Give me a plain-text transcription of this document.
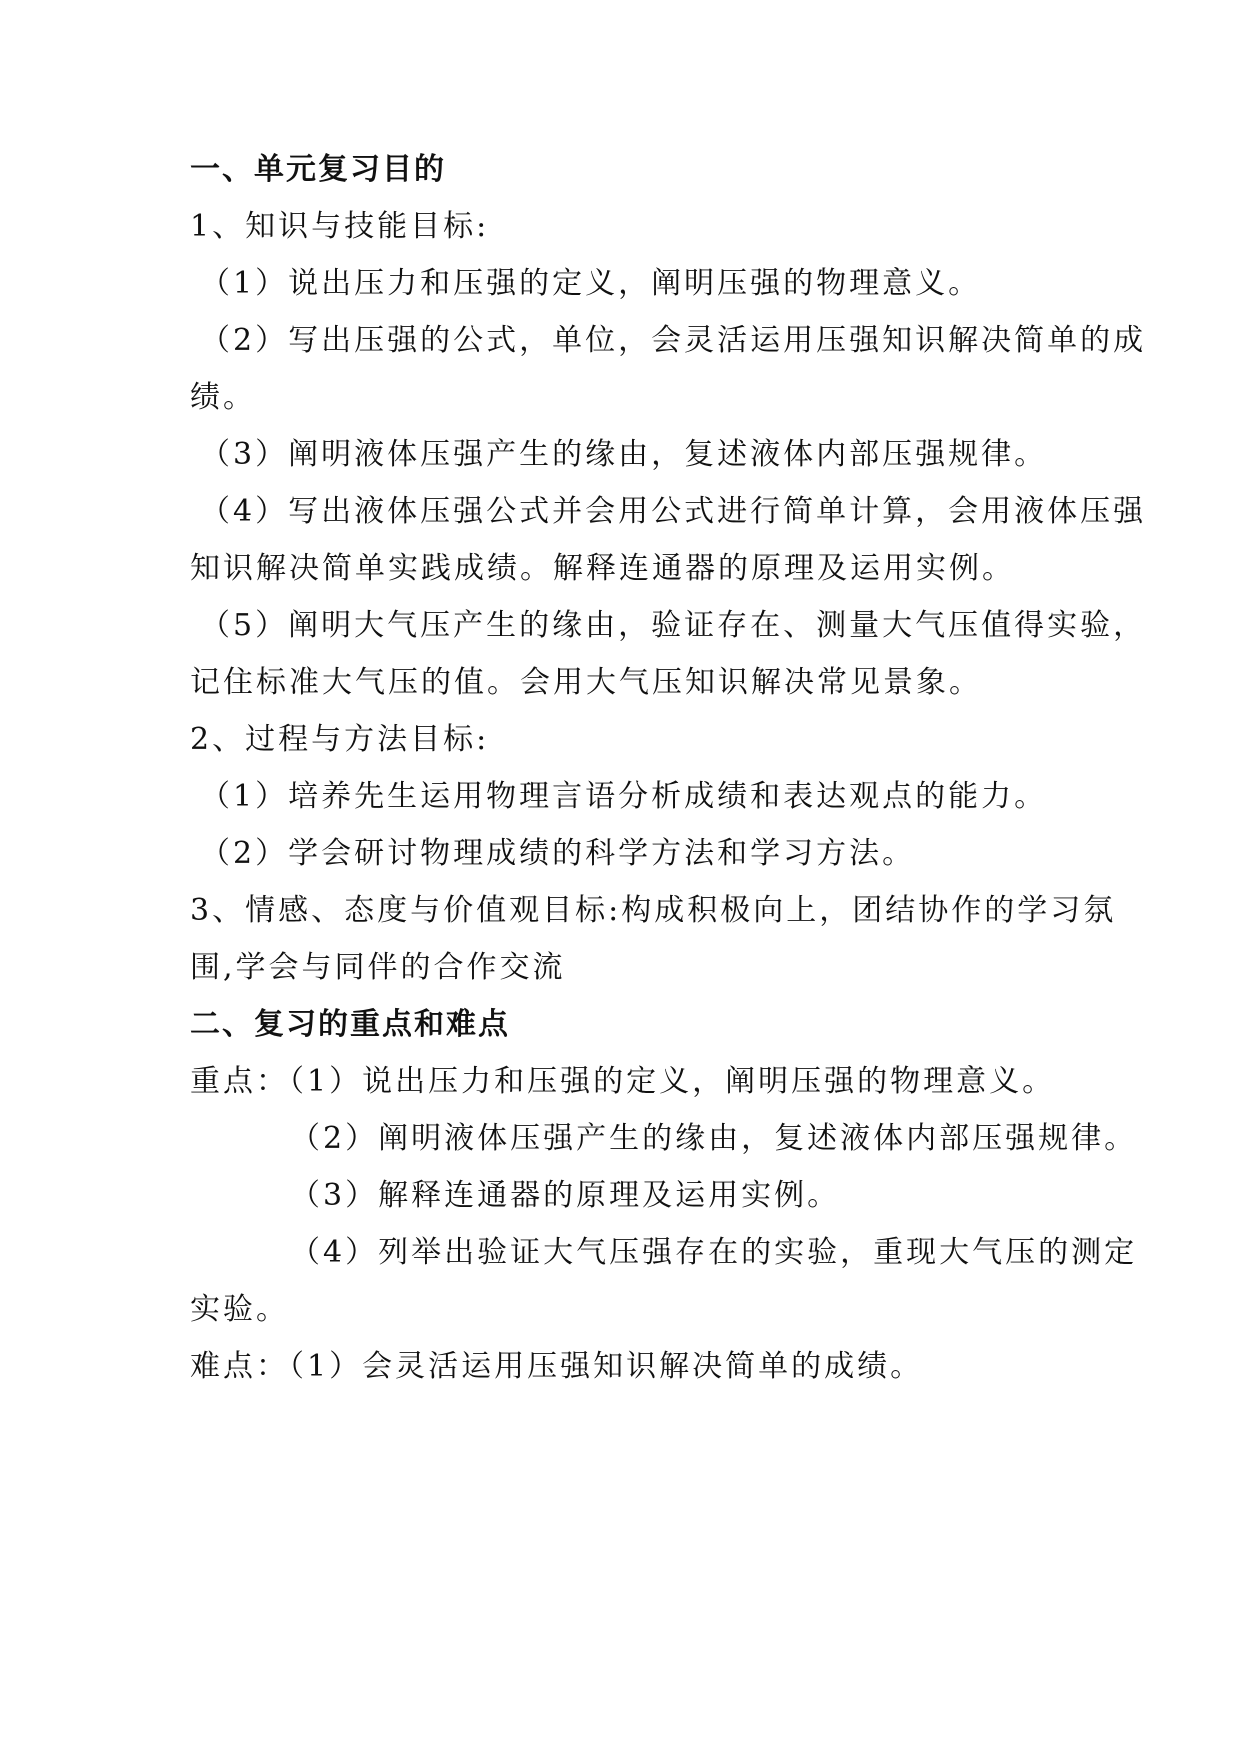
一、单元复习目的
1、知识与技能目标:
（1）说出压力和压强的定义，阐明压强的物理意义。
（2）写出压强的公式，单位，会灵活运用压强知识解决简单的成
绩。
（3）阐明液体压强产生的缘由，复述液体内部压强规律。
（4）写出液体压强公式并会用公式进行简单计算，会用液体压强
知识解决简单实践成绩。解释连通器的原理及运用实例。
（5）阐明大气压产生的缘由，验证存在、测量大气压值得实验，
记住标准大气压的值。会用大气压知识解决常见景象。
2、过程与方法目标:
（1）培养先生运用物理言语分析成绩和表达观点的能力。
（2）学会研讨物理成绩的科学方法和学习方法。
3、情感、态度与价值观目标:构成积极向上，团结协作的学习氛
围,学会与同伴的合作交流
二、复习的重点和难点
重点：（1）说出压力和压强的定义，阐明压强的物理意义。
（2）阐明液体压强产生的缘由，复述液体内部压强规律。
（3）解释连通器的原理及运用实例。
（4）列举出验证大气压强存在的实验，重现大气压的测定
实验。
难点：（1）会灵活运用压强知识解决简单的成绩。
